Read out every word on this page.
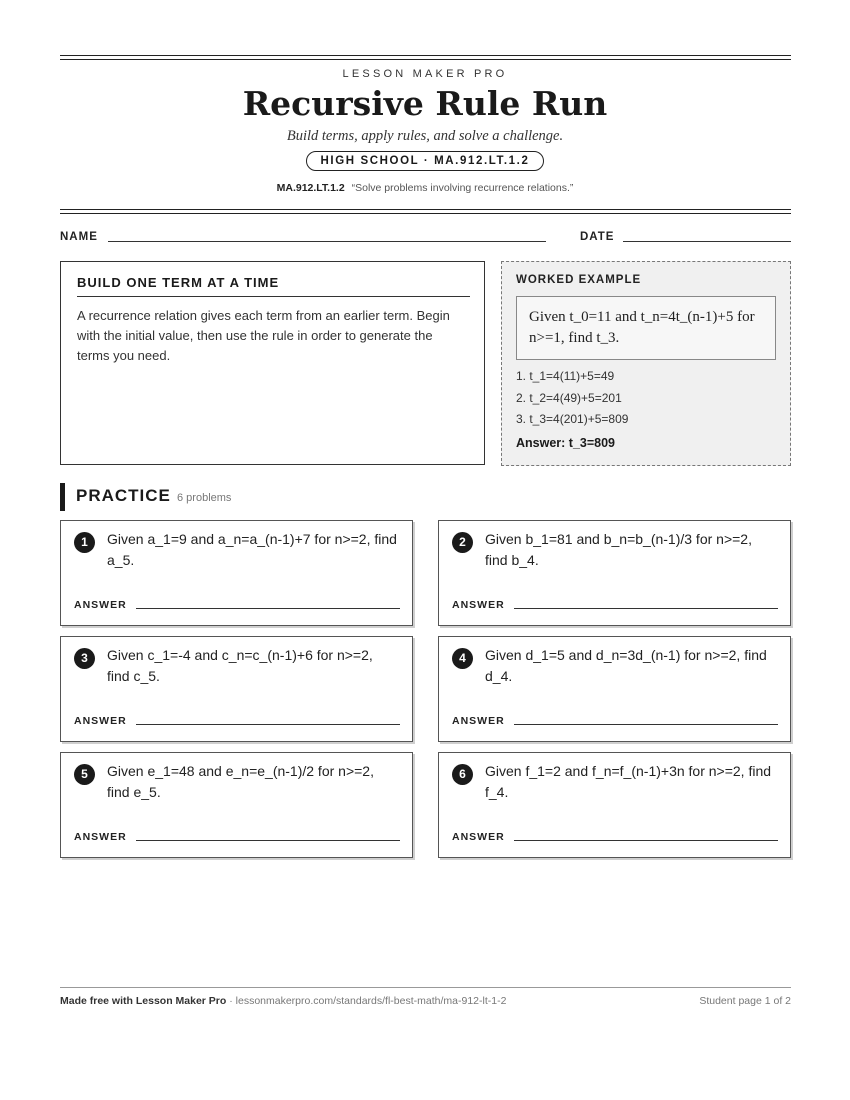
LESSON MAKER PRO
Recursive Rule Run
Build terms, apply rules, and solve a challenge.
HIGH SCHOOL · MA.912.LT.1.2
MA.912.LT.1.2 “Solve problems involving recurrence relations.”
NAME	DATE
BUILD ONE TERM AT A TIME
A recurrence relation gives each term from an earlier term. Begin with the initial value, then use the rule in order to generate the terms you need.
WORKED EXAMPLE
Given t_0=11 and t_n=4t_(n-1)+5 for n>=1, find t_3.
1. t_1=4(11)+5=49
2. t_2=4(49)+5=201
3. t_3=4(201)+5=809
Answer: t_3=809
PRACTICE 6 problems
1	Given a_1=9 and a_n=a_(n-1)+7 for n>=2, find a_5.
ANSWER
2	Given b_1=81 and b_n=b_(n-1)/3 for n>=2, find b_4.
ANSWER
3	Given c_1=-4 and c_n=c_(n-1)+6 for n>=2, find c_5.
ANSWER
4	Given d_1=5 and d_n=3d_(n-1) for n>=2, find d_4.
ANSWER
5	Given e_1=48 and e_n=e_(n-1)/2 for n>=2, find e_5.
ANSWER
6	Given f_1=2 and f_n=f_(n-1)+3n for n>=2, find f_4.
ANSWER
Made free with Lesson Maker Pro · lessonmakerpro.com/standards/fl-best-math/ma-912-lt-1-2	Student page 1 of 2
